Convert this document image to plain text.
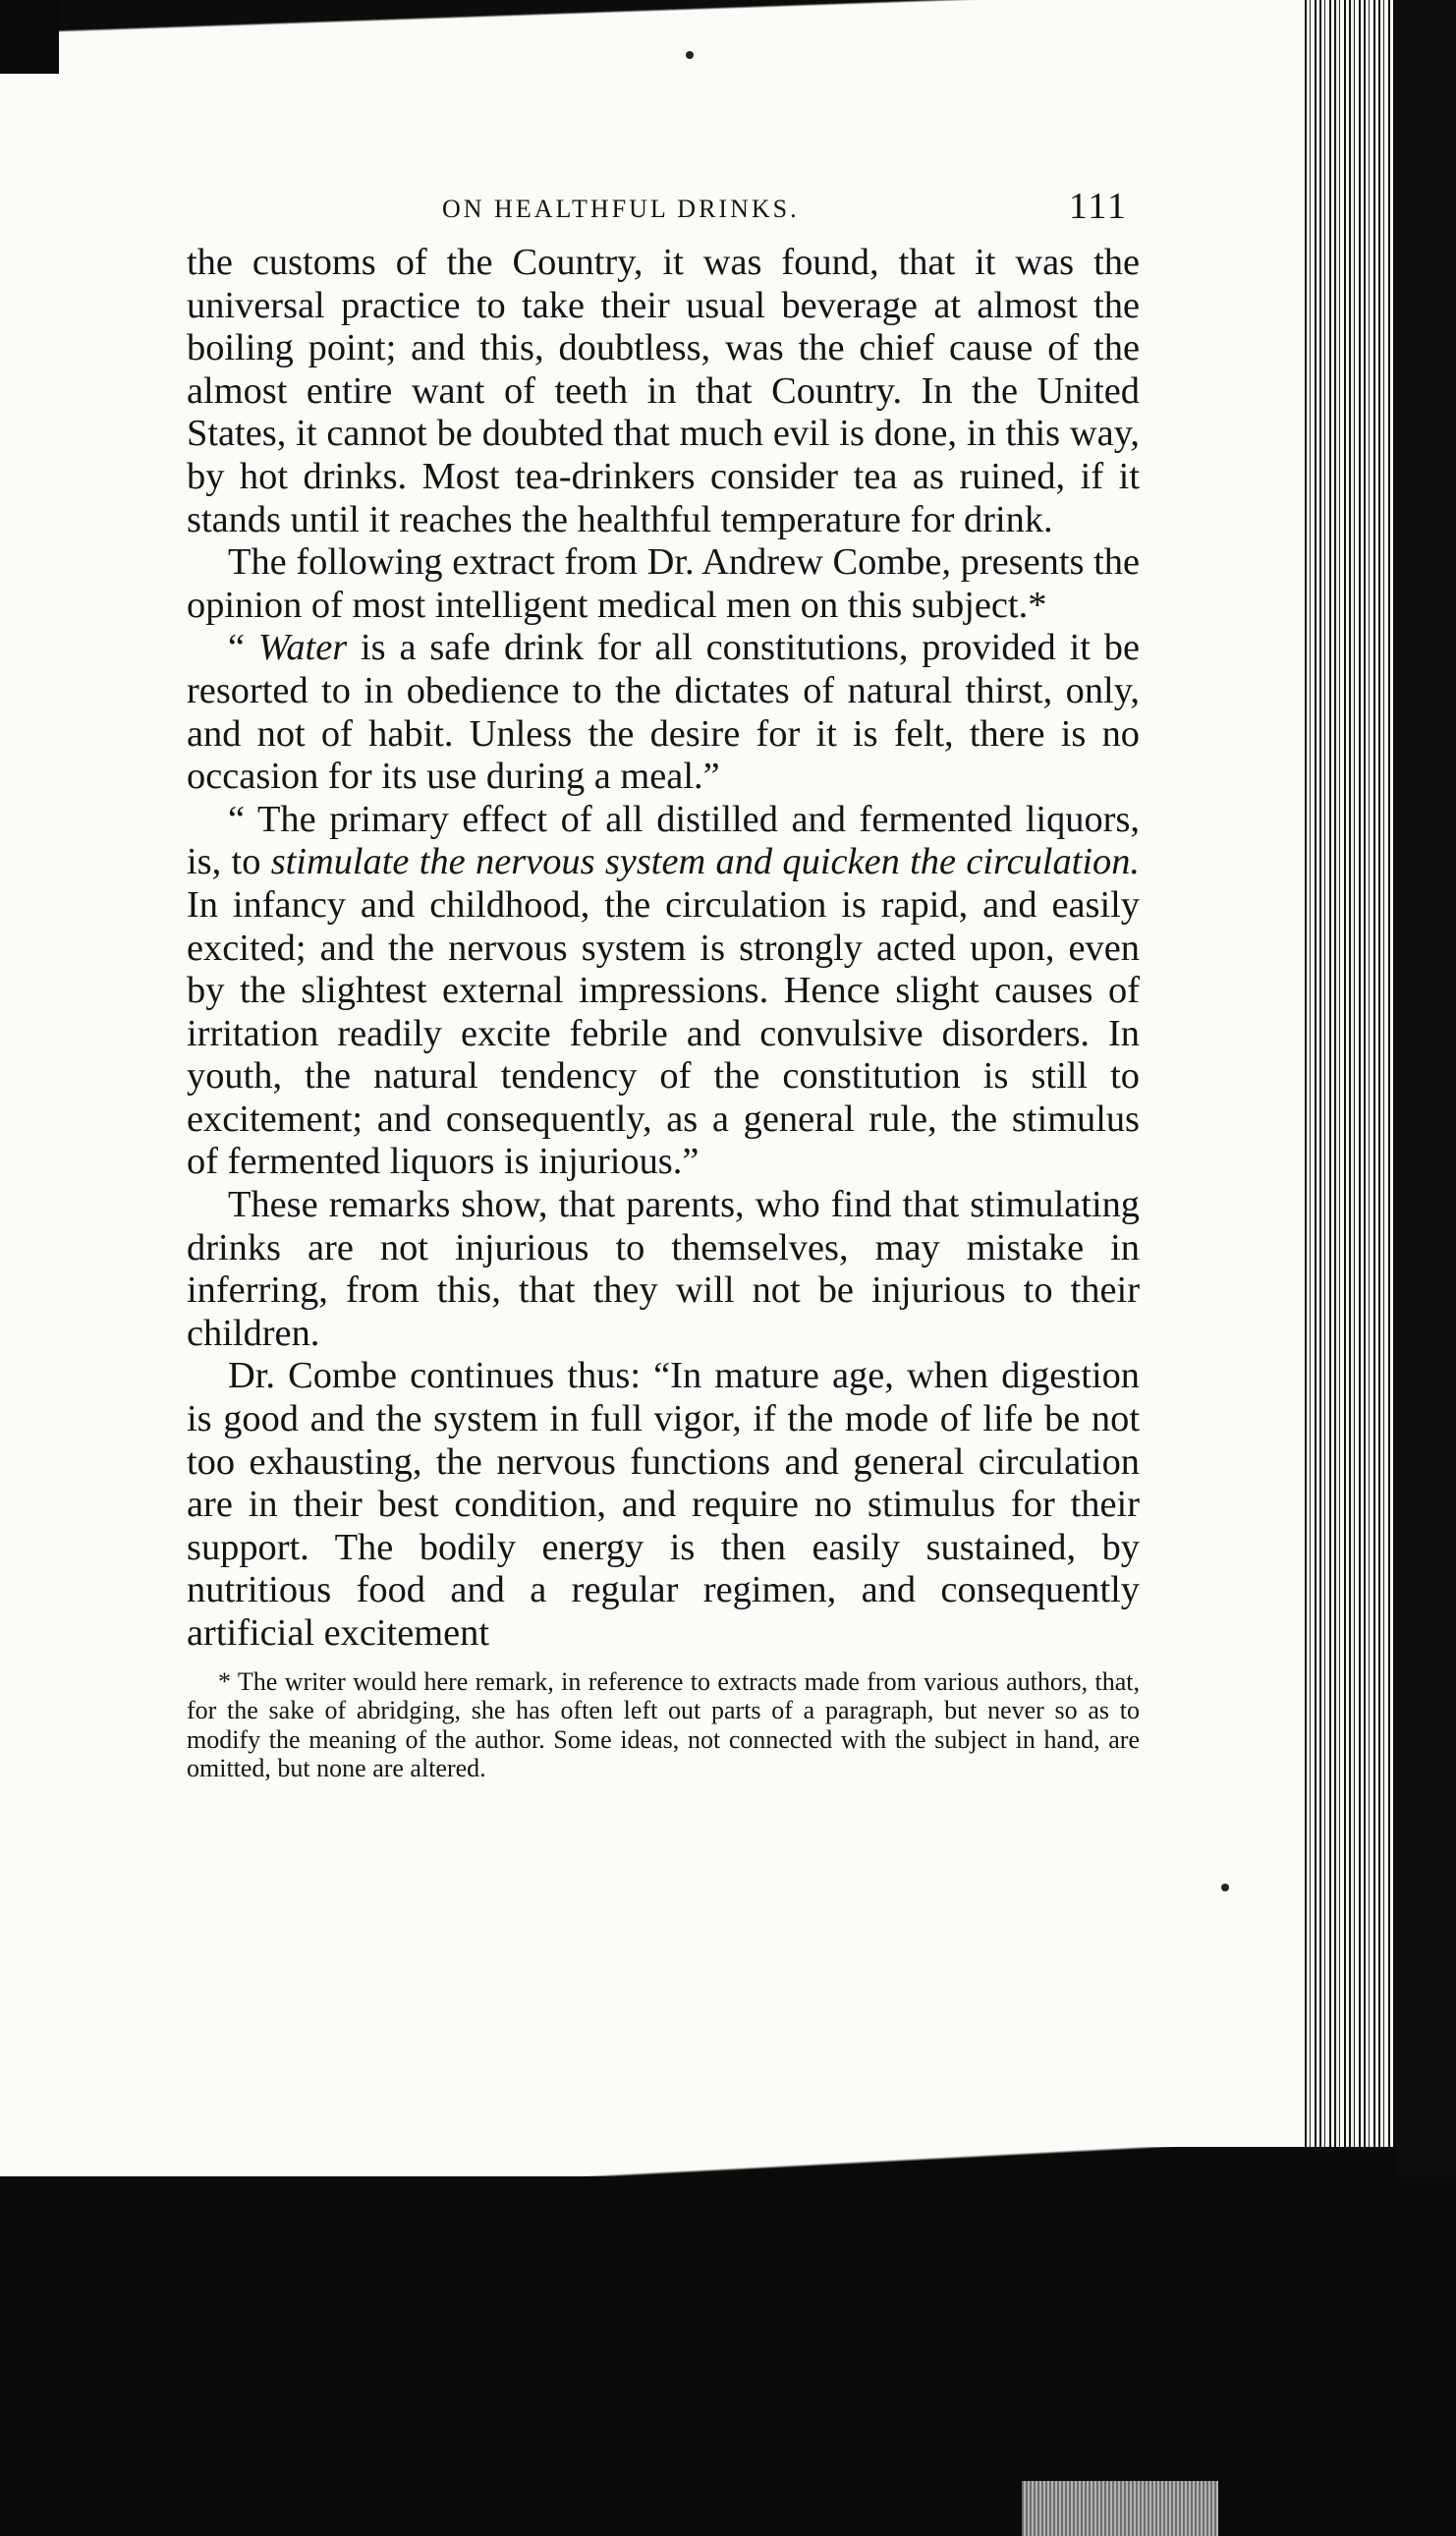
ON HEALTHFUL DRINKS.	111

the customs of the Country, it was found, that it was the universal practice to take their usual beverage at almost the boiling point; and this, doubtless, was the chief cause of the almost entire want of teeth in that Country. In the United States, it cannot be doubted that much evil is done, in this way, by hot drinks. Most tea-drinkers consider tea as ruined, if it stands until it reaches the healthful temperature for drink.

The following extract from Dr. Andrew Combe, presents the opinion of most intelligent medical men on this subject.*

“ Water is a safe drink for all constitutions, provided it be resorted to in obedience to the dictates of natural thirst, only, and not of habit. Unless the desire for it is felt, there is no occasion for its use during a meal.”

“ The primary effect of all distilled and fermented liquors, is, to stimulate the nervous system and quicken the circulation. In infancy and childhood, the circulation is rapid, and easily excited; and the nervous system is strongly acted upon, even by the slightest external impressions. Hence slight causes of irritation readily excite febrile and convulsive disorders. In youth, the natural tendency of the constitution is still to excitement; and consequently, as a general rule, the stimulus of fermented liquors is injurious.”

These remarks show, that parents, who find that stimulating drinks are not injurious to themselves, may mistake in inferring, from this, that they will not be injurious to their children.

Dr. Combe continues thus: “In mature age, when digestion is good and the system in full vigor, if the mode of life be not too exhausting, the nervous functions and general circulation are in their best condition, and require no stimulus for their support. The bodily energy is then easily sustained, by nutritious food and a regular regimen, and consequently artificial excitement

* The writer would here remark, in reference to extracts made from various authors, that, for the sake of abridging, she has often left out parts of a paragraph, but never so as to modify the meaning of the author. Some ideas, not connected with the subject in hand, are omitted, but none are altered.
